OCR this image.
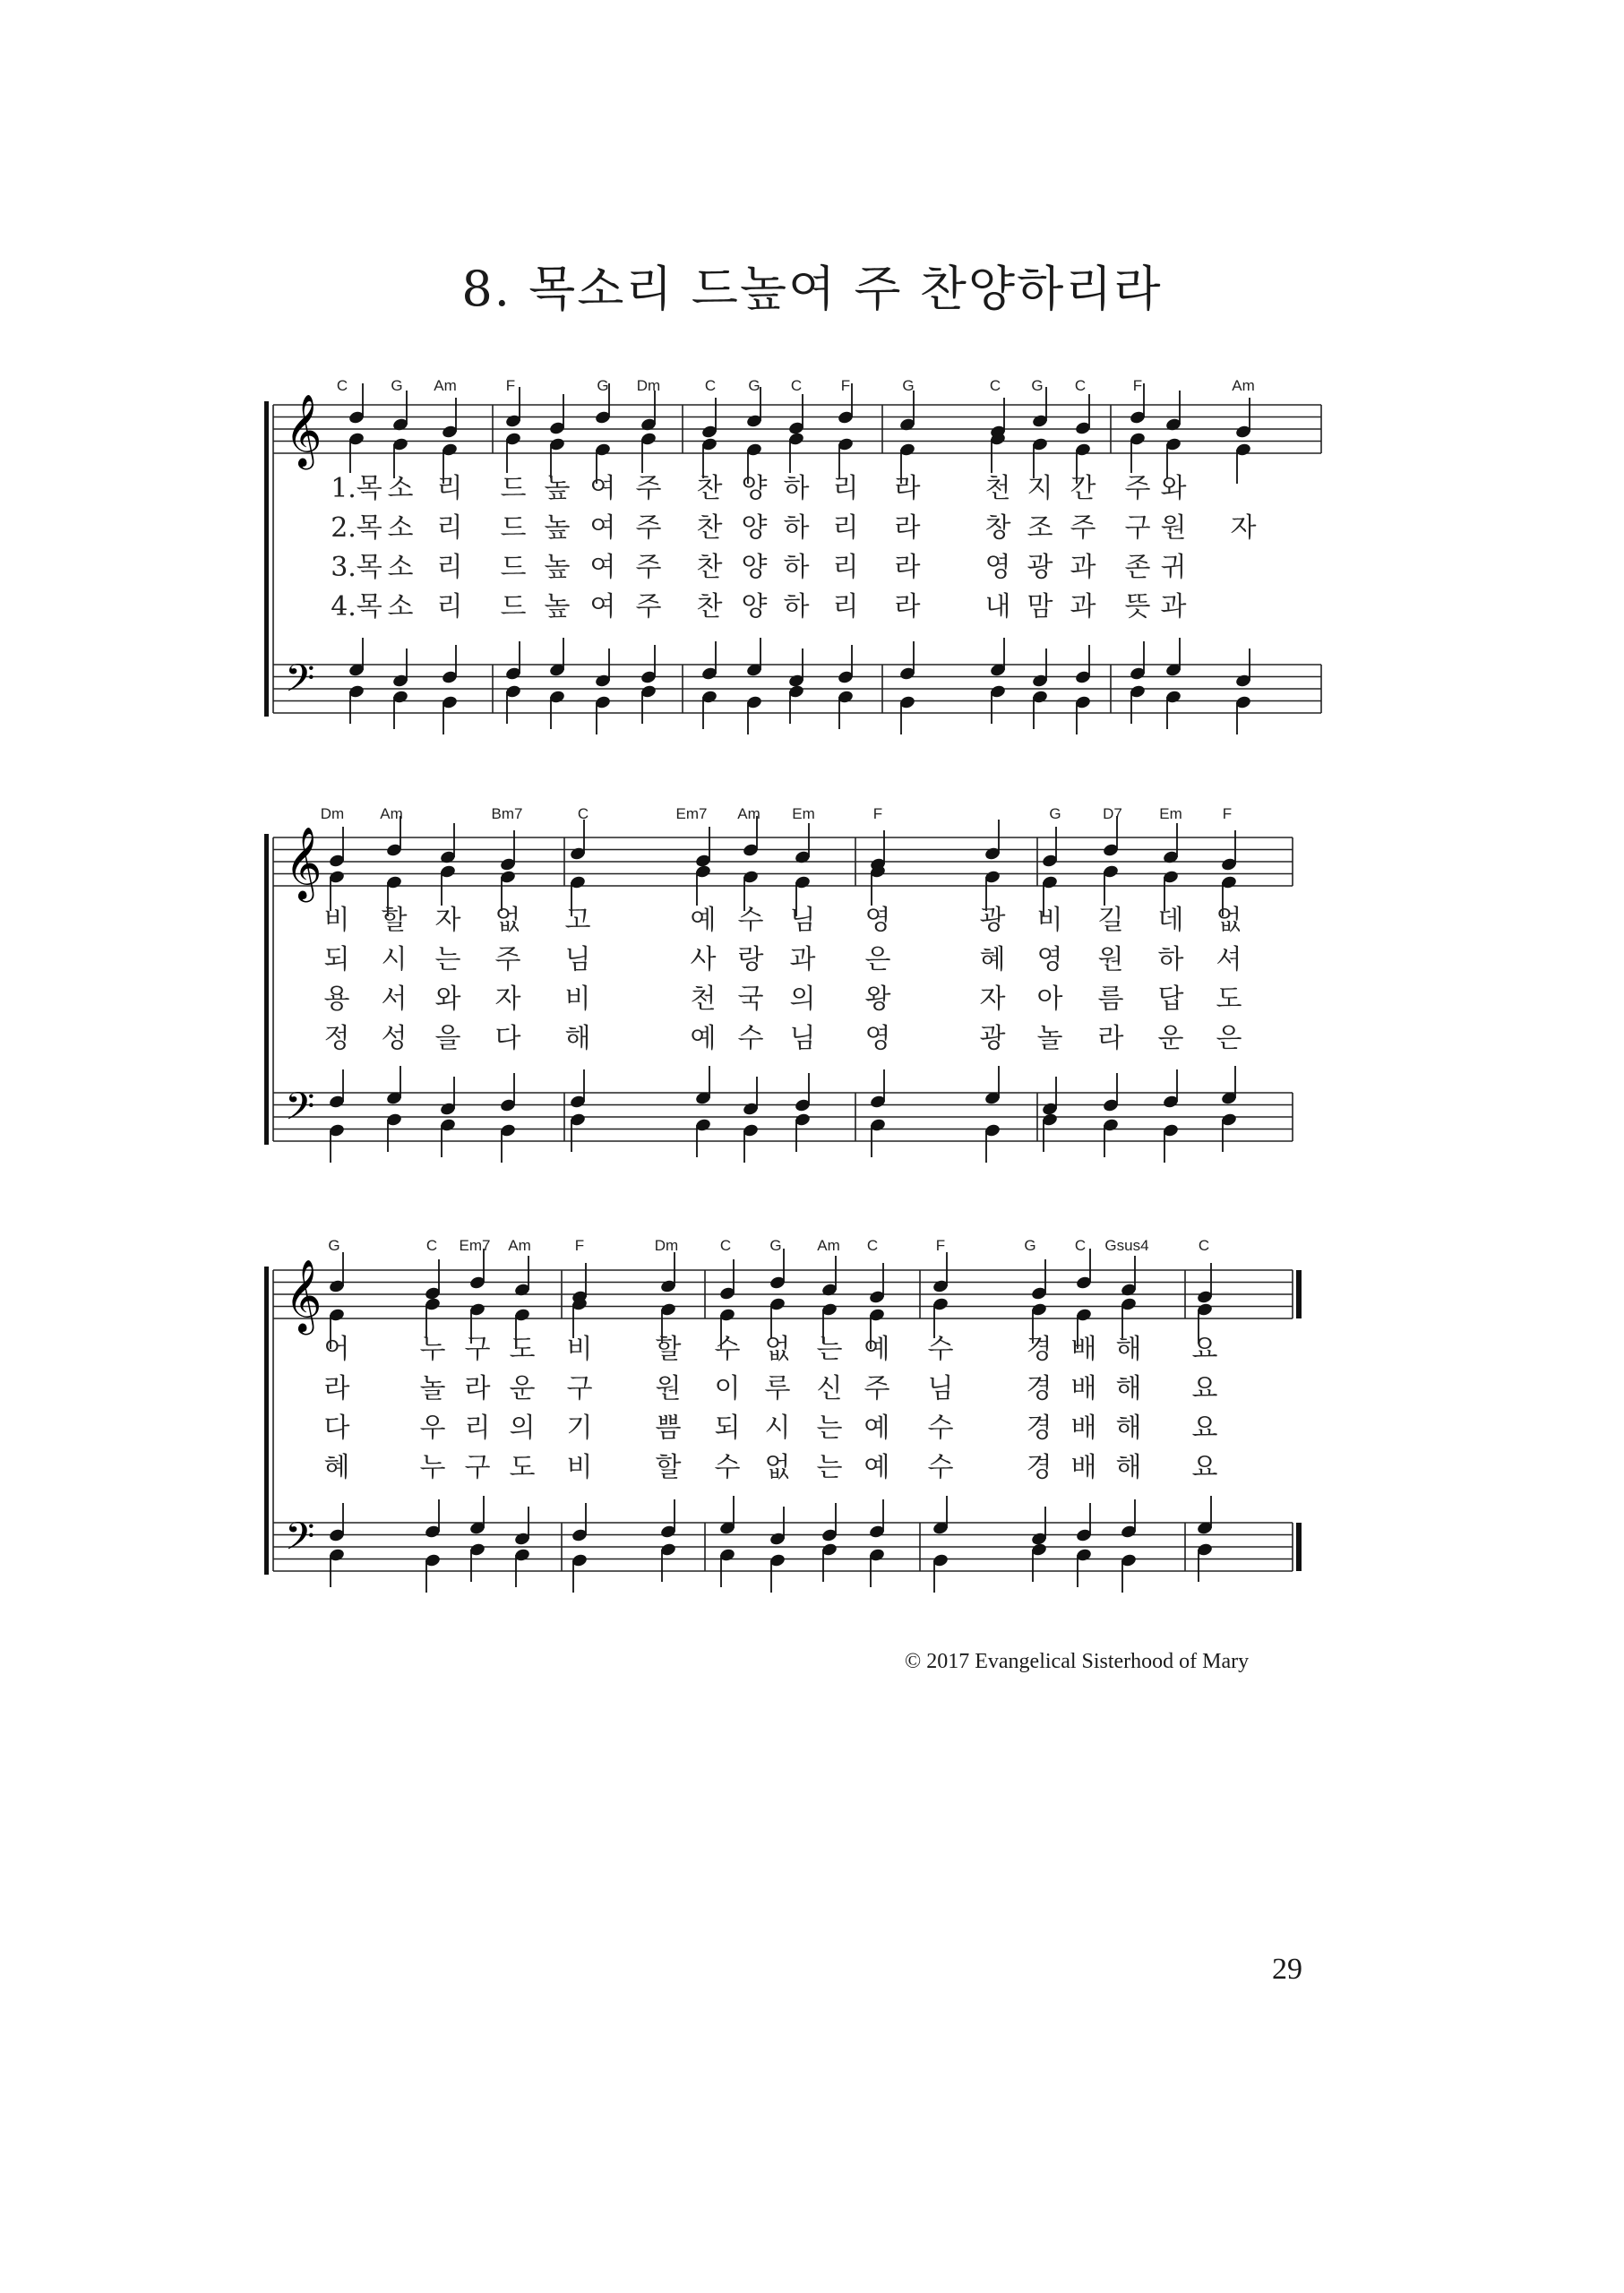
8. 목소리 드높여 주 찬양하리라
C	G Am	F	G Dm	C G C	F	G	C G C	F	Am
𝄞
𝄢
1.목 소 리 드 높 여 주 찬 양 하 리 라 천 지 간 주 와
2.목 소 리 드 높 여 주 찬 양 하 리 라 창 조 주 구 원 자
3.목 소 리 드 높 여 주 찬 양 하 리 라 영 광 과 존 귀
4.목 소 리 드 높 여 주 찬 양 하 리 라 내 맘 과 뜻 과
Dm Am	Bm7	C	Em7 Am Em	F	G	D7 Em	F
𝄞
𝄢
비 할 자 없 고	예 수 님 영	광 비 길 데 없
되 시 는 주 님	사 랑 과 은	혜 영 원 하 셔
용 서 와 자 비	천 국 의 왕	자 아 름 답 도
정 성 을 다 해	예 수 님 영	광 놀 라 운 은
G	C Em7 Am	F	Dm	C	G Am C	F	G	C Gsus4	C
𝄞
𝄢
어	누 구 도 비 할 수 없 는 예 수	경 배 해 요
라	놀 라 운 구 원 이 루 신 주 님	경 배 해 요
다	우 리 의 기 쁨 되 시 는 예 수	경 배 해 요
혜	누 구 도 비 할 수 없 는 예 수	경 배 해 요
© 2017 Evangelical Sisterhood of Mary
29
